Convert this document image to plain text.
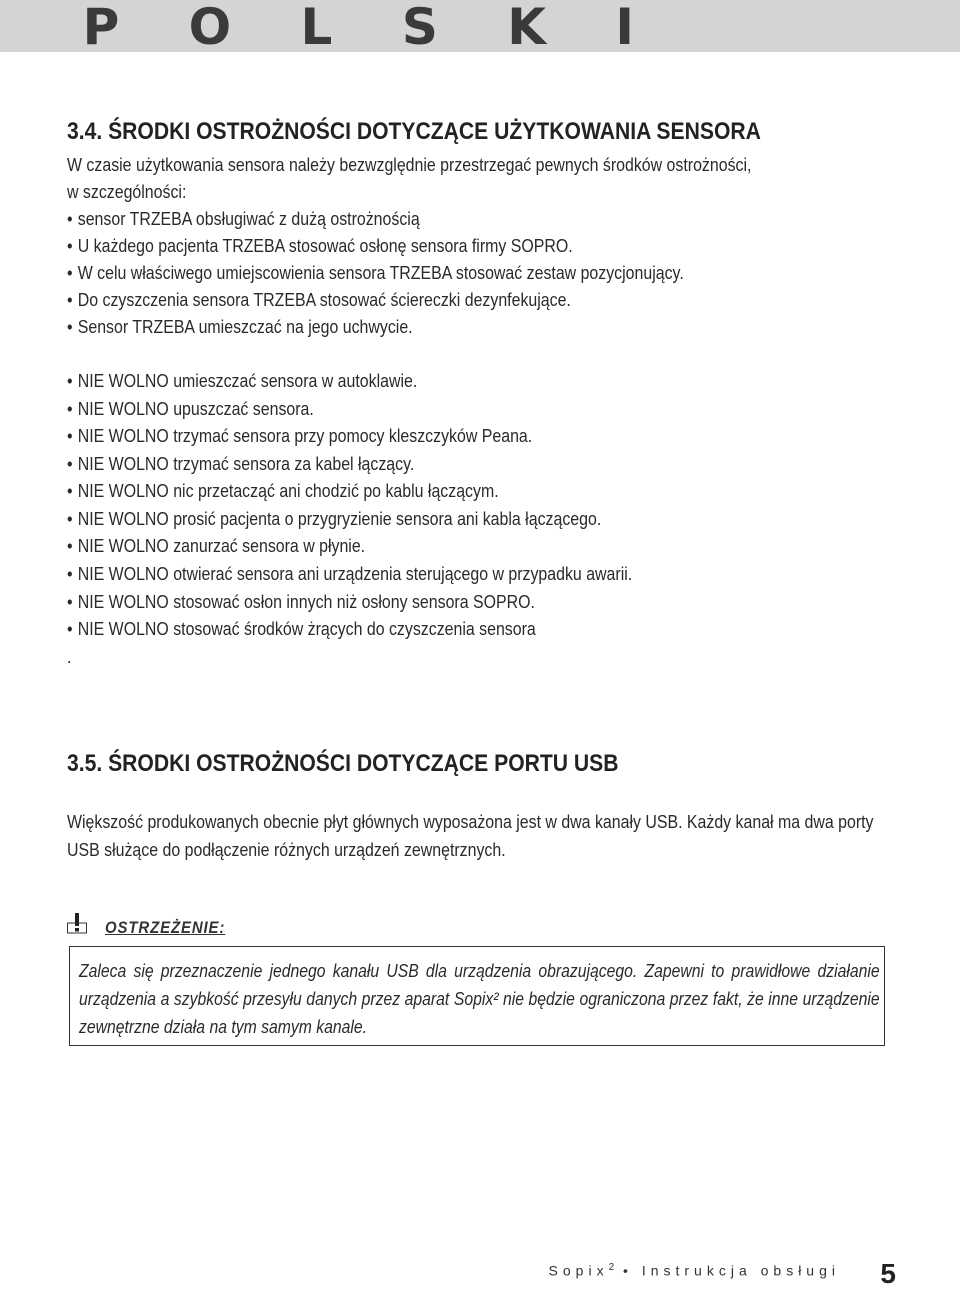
P O L S K I
3.4. ŚRODKI OSTROŻNOŚCI DOTYCZĄCE UŻYTKOWANIA SENSORA
W czasie użytkowania sensora należy bezwzględnie przestrzegać pewnych środków ostrożności,
w szczególności:
• sensor TRZEBA obsługiwać z dużą ostrożnością
• U każdego pacjenta TRZEBA stosować osłonę sensora firmy SOPRO.
• W celu właściwego umiejscowienia sensora TRZEBA stosować zestaw pozycjonujący.
• Do czyszczenia sensora TRZEBA stosować ściereczki dezynfekujące.
• Sensor TRZEBA umieszczać na jego uchwycie.
• NIE WOLNO umieszczać sensora w autoklawie.
• NIE WOLNO upuszczać sensora.
• NIE WOLNO trzymać sensora przy pomocy kleszczyków Peana.
• NIE WOLNO trzymać sensora za kabel łączący.
• NIE WOLNO nic przetacząć ani chodzić po kablu łączącym.
• NIE WOLNO prosić pacjenta o przygryzienie sensora ani kabla łączącego.
• NIE WOLNO zanurzać sensora w płynie.
• NIE WOLNO otwierać sensora ani urządzenia sterującego w przypadku awarii.
• NIE WOLNO stosować osłon innych niż osłony sensora SOPRO.
• NIE WOLNO stosować środków żrących do czyszczenia sensora
.
3.5. ŚRODKI OSTROŻNOŚCI DOTYCZĄCE PORTU USB
Większość produkowanych obecnie płyt głównych wyposażona jest w dwa kanały USB. Każdy kanał ma dwa porty
USB służące do podłączenie różnych urządzeń zewnętrznych.
OSTRZEŻENIE:
Zaleca się przeznaczenie jednego kanału USB dla urządzenia obrazującego. Zapewni to prawidłowe działanie urządzenia a szybkość przesyłu danych przez aparat Sopix² nie będzie ograniczona przez fakt, że inne urządzenie zewnętrzne działa na tym samym kanale.
Sopix$^2$ • Instrukcja obsługi 5
